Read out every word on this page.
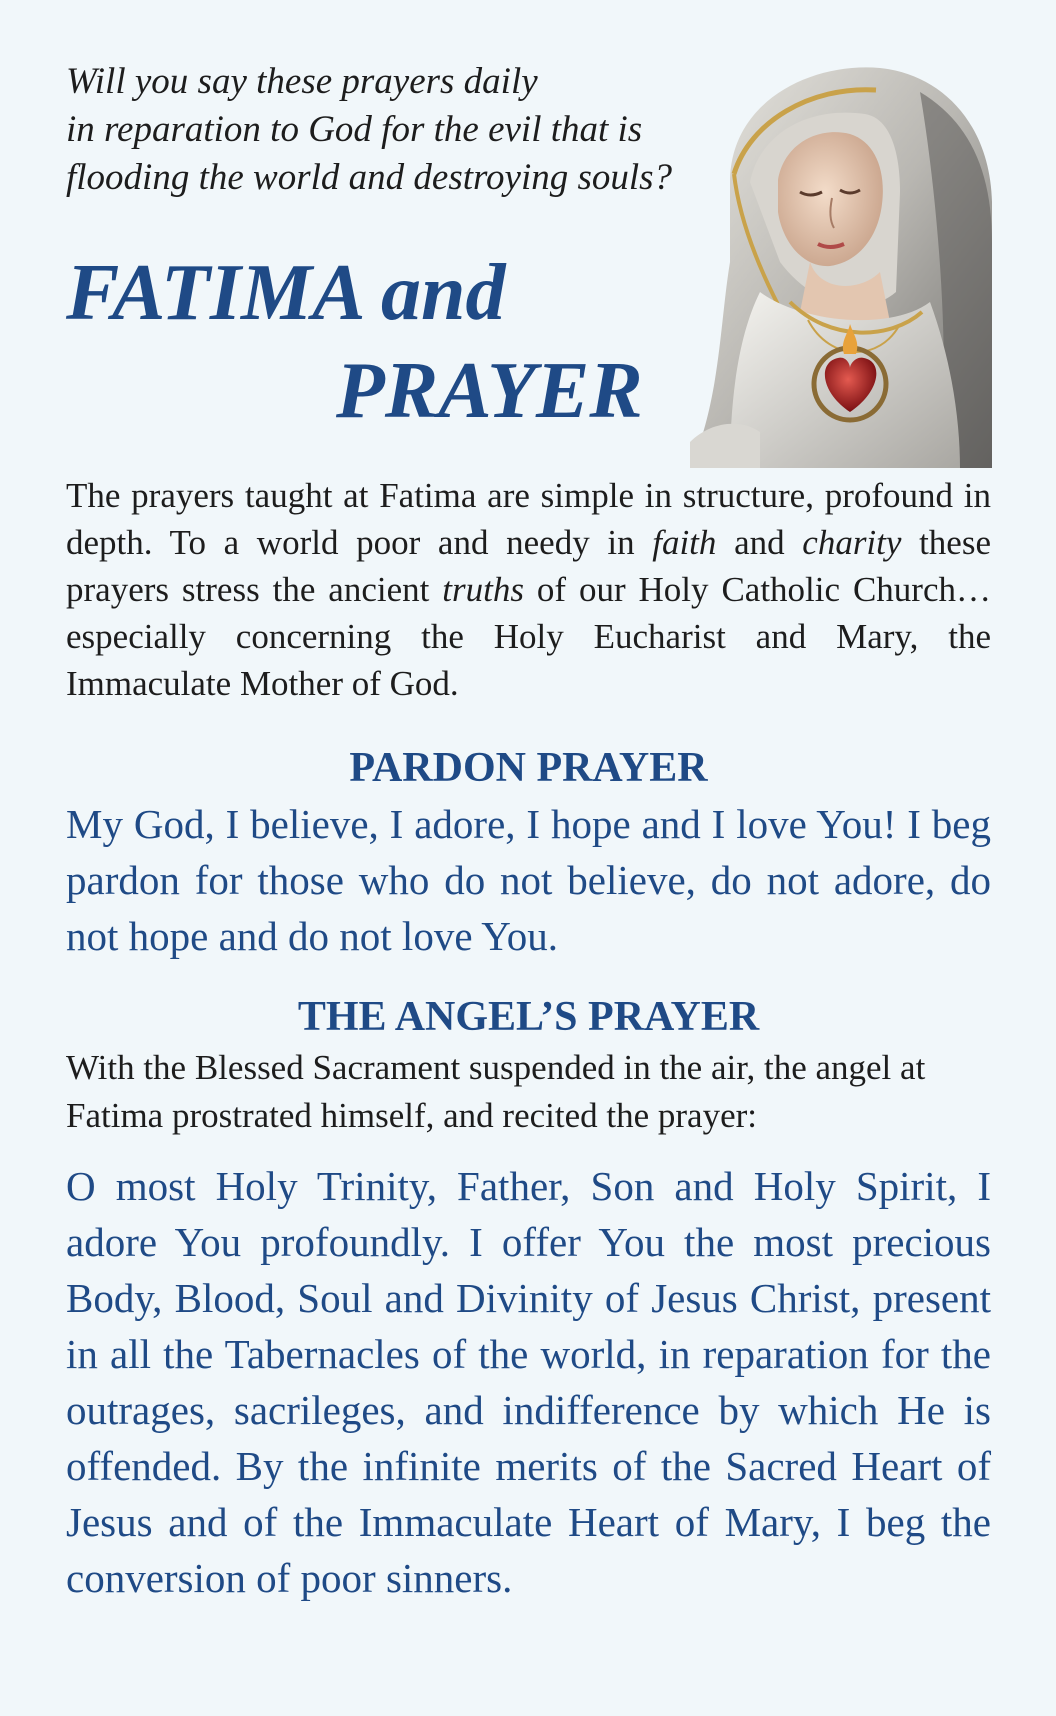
Will you say these prayers daily
in reparation to God for the evil that is
flooding the world and destroying souls?
FATIMA and
PRAYER
The prayers taught at Fatima are simple in structure, profound in depth. To a world poor and needy in faith and charity these prayers stress the ancient truths of our Holy Catholic Church… especially concerning the Holy Eucharist and Mary, the Immaculate Mother of God.
PARDON PRAYER
My God, I believe, I adore, I hope and I love You! I beg pardon for those who do not believe, do not adore, do not hope and do not love You.
THE ANGEL’S PRAYER
With the Blessed Sacrament suspended in the air, the angel at Fatima prostrated himself, and recited the prayer:
O most Holy Trinity, Father, Son and Holy Spirit, I adore You profoundly. I offer You the most precious Body, Blood, Soul and Divinity of Jesus Christ, present in all the Tabernacles of the world, in reparation for the outrages, sacrileges, and indifference by which He is offended. By the infinite merits of the Sacred Heart of Jesus and of the Immaculate Heart of Mary, I beg the conversion of poor sinners.
